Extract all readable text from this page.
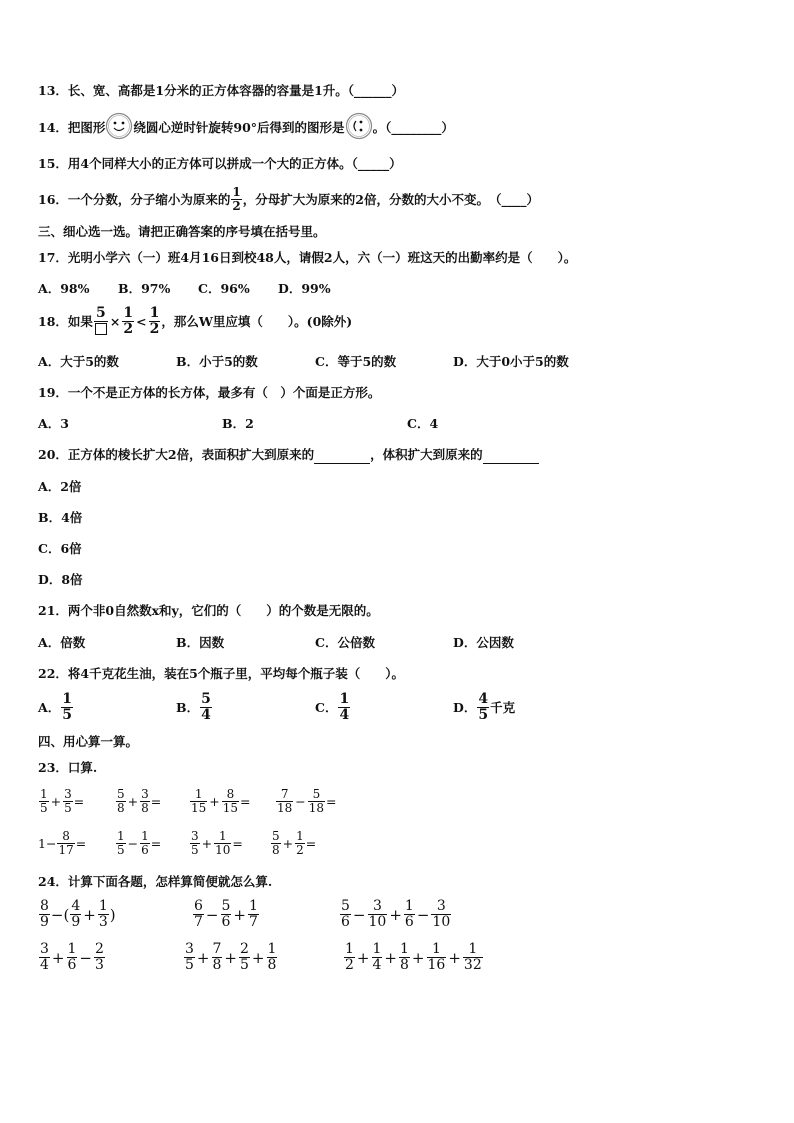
13．长、宽、高都是1分米的正方体容器的容量是1升。（______）
14．把图形 绕圆心逆时针旋转90°后得到的图形是 。（________）
15．用4个同样大小的正方体可以拼成一个大的正方体。（_____）
16．一个分数，分子缩小为原来的 $\frac{1}{2}$ ，分母扩大为原来的2倍，分数的大小不变。　（____）
三、细心选一选。请把正确答案的序号填在括号里。
17．光明小学六（一）班4月16日到校48人，请假2人，六（一）班这天的出勤率约是（　　）。
A．98% B．97% C．96% D．99%
18．如果 $5 \times \frac{1}{2} < \frac{1}{2}$ ，那么W里应填（　　）。(0除外)
A．大于5的数	B．小于5的数	C．等于5的数	D．大于0小于5的数
19．一个不是正方体的长方体，最多有（　）个面是正方形。
A．3	B．2	C．4
20．正方体的棱长扩大2倍，表面积扩大到原来的	，体积扩大到原来的
A．2倍
B．4倍
C．6倍
D．8倍
21．两个非0自然数x和y，它们的（　　）的个数是无限的。
A．倍数	B．因数	C．公倍数	D．公因数
22．将4千克花生油，装在5个瓶子里，平均每个瓶子装（　　）。
A． $\frac{1}{5}$	B． $\frac{5}{4}$	C． $\frac{1}{4}$	D． $\frac{4}{5}$ 千克
四、用心算一算。
23．口算.
$\frac{1}{5} + \frac{3}{5}$ =	$\frac{5}{8} + \frac{3}{8} = \frac{1}{15} + \frac{8}{15} = \frac{7}{18} - \frac{5}{18}$ =
$1- \frac{8}{17} = \frac{1}{5} - \frac{1}{6} = \frac{3}{5} + \frac{1}{10} = \frac{5}{8} + \frac{1}{2}$ =
24．计算下面各题，怎样算简便就怎么算.
$\frac{8}{9}$ −( $\frac{4}{9} + \frac{1}{3}$ )	$\frac{6}{7} - \frac{5}{6} + \frac{1}{7}$	$\frac{5}{6} - \frac{3}{10} + \frac{1}{6} - \frac{3}{10}$
$\frac{3}{4} + \frac{1}{6} - \frac{2}{3}$	$\frac{3}{5} + \frac{7}{8} + \frac{2}{5} + \frac{1}{8}$	$\frac{1}{2} + \frac{1}{4} + \frac{1}{8} + \frac{1}{16} + \frac{1}{32}$
